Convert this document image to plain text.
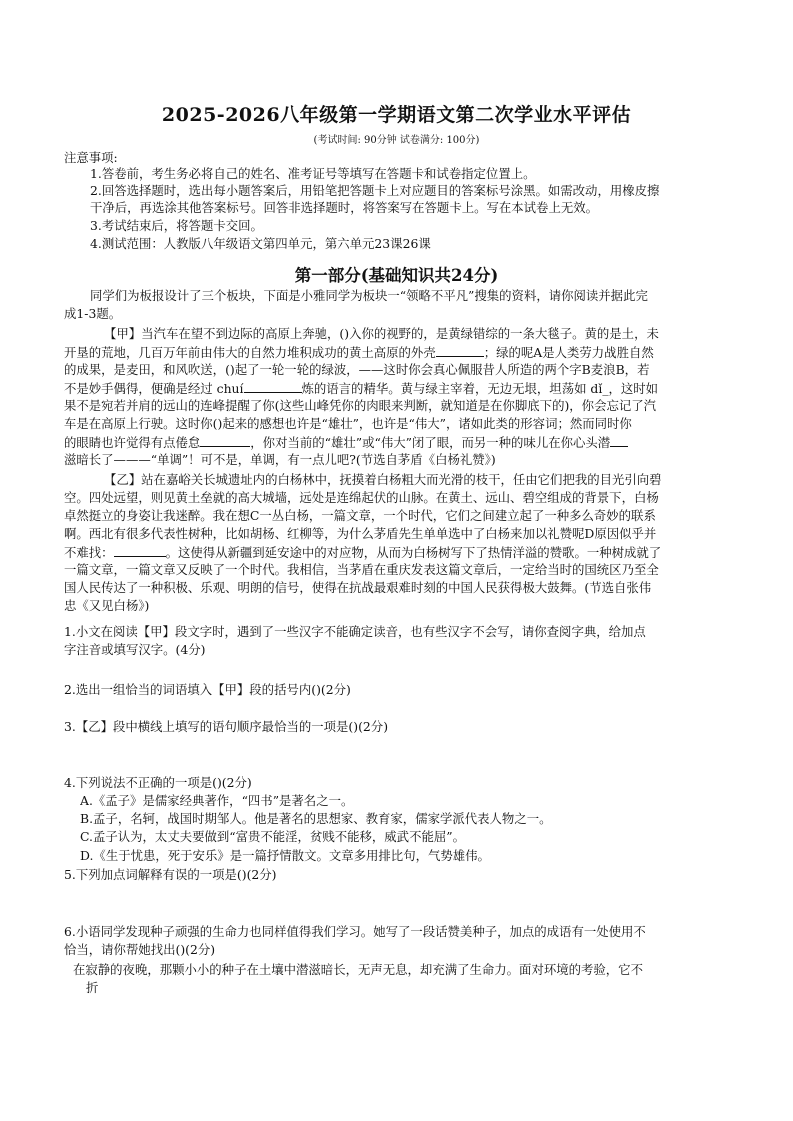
2025-2026八年级第一学期语文第二次学业水平评估
(考试时间: 90分钟 试卷满分: 100分)
注意事项:
1.答卷前，考生务必将自己的姓名、准考证号等填写在答题卡和试卷指定位置上。
2.回答选择题时，选出每小题答案后，用铅笔把答题卡上对应题目的答案标号涂黑。如需改动，用橡皮擦
干净后，再选涂其他答案标号。回答非选择题时，将答案写在答题卡上。写在本试卷上无效。
3.考试结束后，将答题卡交回。
4.测试范围：人教版八年级语文第四单元，第六单元23课26课
第一部分(基础知识共24分)
同学们为板报设计了三个板块，下面是小雅同学为板块一“领略不平凡”搜集的资料，请你阅读并据此完
成1-3题。
【甲】当汽车在望不到边际的高原上奔驰，()入你的视野的，是黄绿错综的一条大毯子。黄的是土，未
开垦的荒地，几百万年前由伟大的自然力堆积成功的黄土高原的外壳	；绿的呢A是人类劳力战胜自然
的成果，是麦田，和风吹送，()起了一轮一轮的绿波，——这时你会真心佩服昔人所造的两个字B麦浪B，若
不是妙手偶得，便确是经过 chuí	炼的语言的精华。黄与绿主宰着，无边无垠，坦荡如 dǐ_，这时如
果不是宛若并肩的远山的连峰提醒了你(这些山峰凭你的肉眼来判断，就知道是在你脚底下的)，你会忘记了汽
车是在高原上行驶。这时你()起来的感想也许是“雄壮”，也许是“伟大”，诸如此类的形容词；然而同时你
的眼睛也许觉得有点倦怠	，你对当前的“雄壮”或“伟大”闭了眼，而另一种的味儿在你心头潜
滋暗长了———“单调”！可不是，单调，有一点儿吧?(节选自茅盾《白杨礼赞》)
【乙】站在嘉峪关长城遗址内的白杨林中，抚摸着白杨粗大而光滑的枝干，任由它们把我的目光引向碧
空。四处远望，则见黄土垒就的高大城墙，远处是连绵起伏的山脉。在黄土、远山、碧空组成的背景下，白杨
卓然挺立的身姿让我迷醉。我在想C一丛白杨，一篇文章，一个时代，它们之间建立起了一种多么奇妙的联系
啊。西北有很多代表性树种，比如胡杨、红柳等，为什么茅盾先生单单选中了白杨来加以礼赞呢D原因似乎并
不难找：	。这使得从新疆到延安途中的对应物，从而为白杨树写下了热情洋溢的赞歌。一种树成就了
一篇文章，一篇文章又反映了一个时代。我相信，当茅盾在重庆发表这篇文章后，一定给当时的国统区乃至全
国人民传达了一种积极、乐观、明朗的信号，使得在抗战最艰难时刻的中国人民获得极大鼓舞。(节选自张伟
忠《又见白杨》)
1.小文在阅读【甲】段文字时，遇到了一些汉字不能确定读音，也有些汉字不会写，请你查阅字典，给加点
字注音或填写汉字。(4分)
2.选出一组恰当的词语填入【甲】段的括号内()(2分)
3.【乙】段中横线上填写的语句顺序最恰当的一项是()(2分)
4.下列说法不正确的一项是()(2分)
A.《孟子》是儒家经典著作，“四书”是著名之一。
B.孟子，名轲，战国时期邹人。他是著名的思想家、教育家，儒家学派代表人物之一。
C.孟子认为，太丈夫要做到“富贵不能淫，贫贱不能移，威武不能屈”。
D.《生于忧患，死于安乐》是一篇抒情散文。文章多用排比句，气势雄伟。
5.下列加点词解释有误的一项是()(2分)
6.小语同学发现种子顽强的生命力也同样值得我们学习。她写了一段话赞美种子，加点的成语有一处使用不
恰当，请你帮她找出()(2分)
在寂静的夜晚，那颗小小的种子在土壤中潜滋暗长，无声无息，却充满了生命力。面对环境的考验，它不
折
